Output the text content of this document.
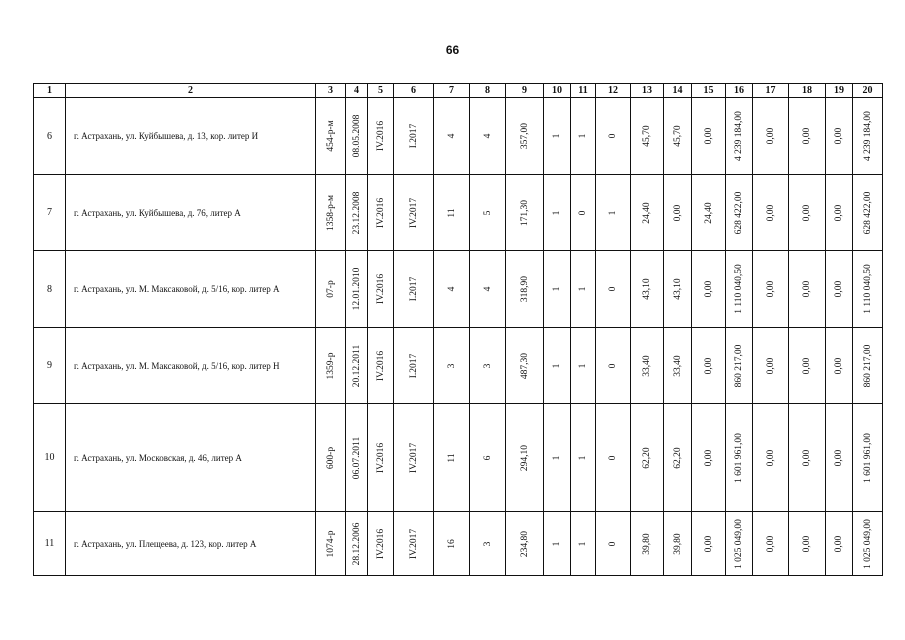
66
1	2	3	4	5	6	7	8	9	10	11	12	13	14	15	16	17	18	19	20
6	г. Астрахань, ул. Куйбышева, д. 13, кор. литер И	454-р-м	08.05.2008	IV.2016	I.2017	4	4	357,00	1	1	0	45,70	45,70	0,00	4 239 184,00	0,00	0,00	0,00	4 239 184,00

7	г. Астрахань, ул. Куйбышева, д. 76, литер А	1358-р-м	23.12.2008	IV.2016	IV.2017	11	5	171,30	1	0	1	24,40	0,00	24,40	628 422,00	0,00	0,00	0,00	628 422,00

8	г. Астрахань, ул. М. Максаковой, д. 5/16, кор. литер А	07-р	12.01.2010	IV.2016	I.2017	4	4	318,90	1	1	0	43,10	43,10	0,00	1 110 040,50	0,00	0,00	0,00	1 110 040,50

9	г. Астрахань, ул. М. Максаковой, д. 5/16, кор. литер Н	1359-р	20.12.2011	IV.2016	I.2017	3	3	487,30	1	1	0	33,40	33,40	0,00	860 217,00	0,00	0,00	0,00	860 217,00

10	г. Астрахань, ул. Московская, д. 46, литер А	600-р	06.07.2011	IV.2016	IV.2017	11	6	294,10	1	1	0	62,20	62,20	0,00	1 601 961,00	0,00	0,00	0,00	1 601 961,00

11	г. Астрахань, ул. Плещеева, д. 123, кор. литер А	1074-р	28.12.2006	IV.2016	IV.2017	16	3	234,80	1	1	0	39,80	39,80	0,00	1 025 049,00	0,00	0,00	0,00	1 025 049,00
